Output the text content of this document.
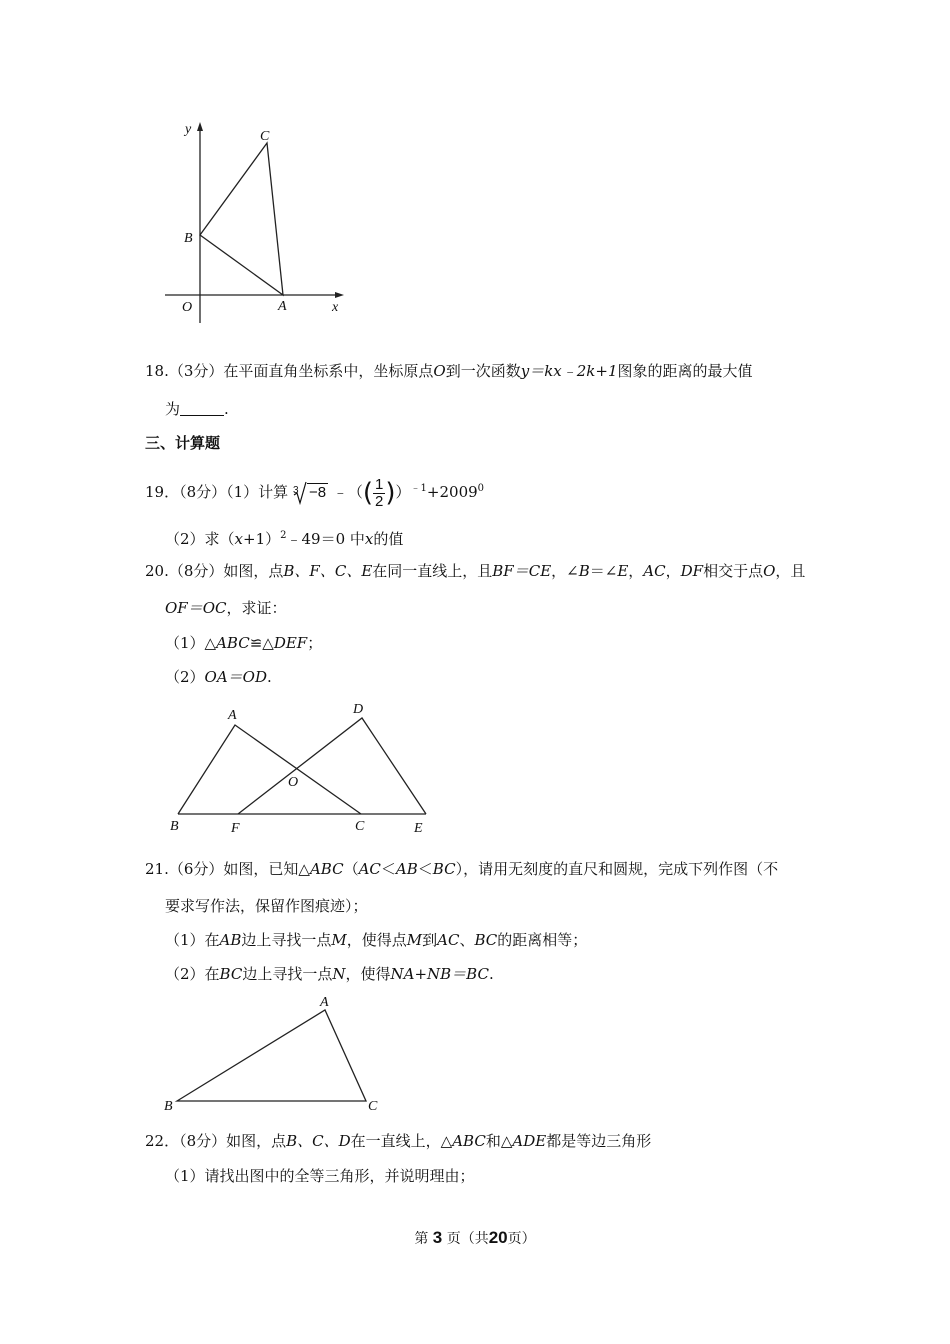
y
x
O	A
B
C
18.（3分）在平面直角坐标系中，坐标原点O到一次函数y＝kx﹣2k+1图象的距离的最大值
为	.
三、计算题
19．（8分）（1）计算 3 −8 ﹣（( $\frac{1}{2} ))^{﹣1}+2009^0$
（2）求$(x+1)^2﹣49=0$ 中x的值
20.（8分）如图，点B、F、C、E在同一直线上，且BF＝CE，∠B＝∠E，AC，DF相交于点O，且
OF＝OC，求证：
（1）△ABC≌△DEF；
（2）OA＝OD.
A	D
O
B	F	C	E
21.（6分）如图，已知△ABC（AC＜AB＜BC），请用无刻度的直尺和圆规，完成下列作图（不
要求写作法，保留作图痕迹）；
（1）在AB边上寻找一点M，使得点M到AC、BC的距离相等；
（2）在BC边上寻找一点N，使得NA+NB＝BC.
A
B	C
22．（8分）如图，点B、C、D在一直线上，△ABC和△ADE都是等边三角形
（1）请找出图中的全等三角形，并说明理由；
第 3 页（共20页）
